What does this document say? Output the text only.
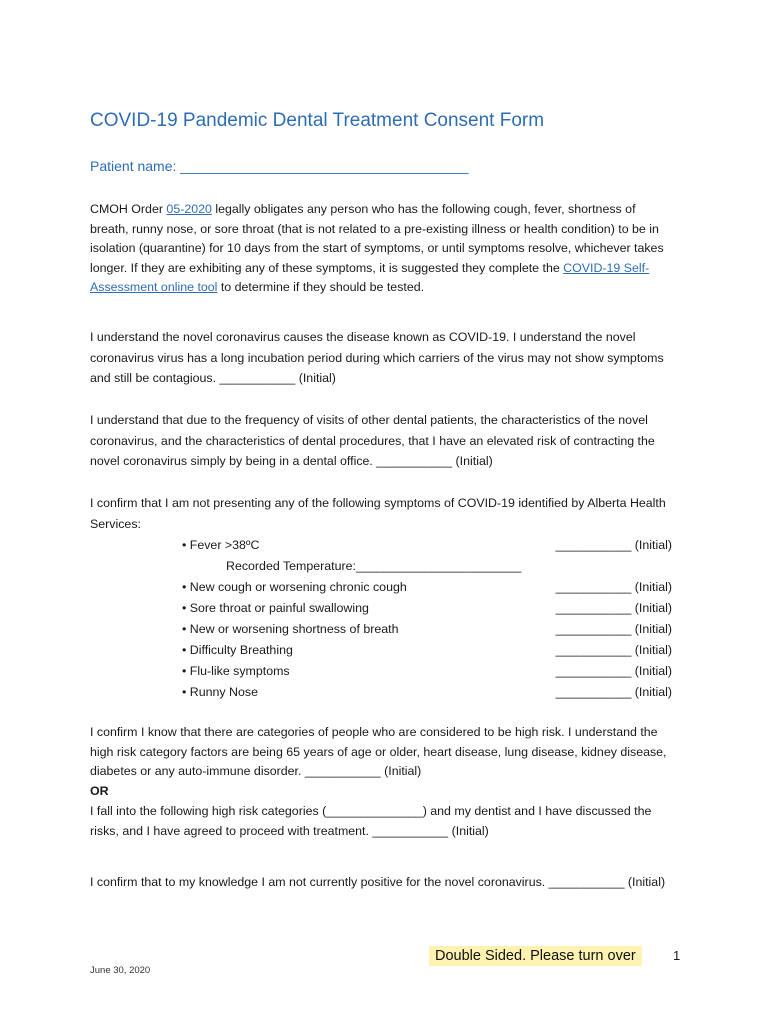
COVID-19 Pandemic Dental Treatment Consent Form
Patient name: _____________________________________
CMOH Order 05-2020 legally obligates any person who has the following cough, fever, shortness of breath, runny nose, or sore throat (that is not related to a pre-existing illness or health condition) to be in isolation (quarantine) for 10 days from the start of symptoms, or until symptoms resolve, whichever takes longer. If they are exhibiting any of these symptoms, it is suggested they complete the COVID-19 Self-Assessment online tool to determine if they should be tested.
I understand the novel coronavirus causes the disease known as COVID-19. I understand the novel coronavirus virus has a long incubation period during which carriers of the virus may not show symptoms and still be contagious. ___________ (Initial)
I understand that due to the frequency of visits of other dental patients, the characteristics of the novel coronavirus, and the characteristics of dental procedures, that I have an elevated risk of contracting the novel coronavirus simply by being in a dental office. ___________ (Initial)
I confirm that I am not presenting any of the following symptoms of COVID-19 identified by Alberta Health Services:
• Fever >38ºC	___________ (Initial)
Recorded Temperature:________________________
• New cough or worsening chronic cough	___________ (Initial)
• Sore throat or painful swallowing	___________ (Initial)
• New or worsening shortness of breath	___________ (Initial)
• Difficulty Breathing	___________ (Initial)
• Flu-like symptoms	___________ (Initial)
• Runny Nose	___________ (Initial)
I confirm I know that there are categories of people who are considered to be high risk. I understand the high risk category factors are being 65 years of age or older, heart disease, lung disease, kidney disease, diabetes or any auto-immune disorder. ___________ (Initial)
OR
I fall into the following high risk categories (______________) and my dentist and I have discussed the risks, and I have agreed to proceed with treatment. ___________ (Initial)
I confirm that to my knowledge I am not currently positive for the novel coronavirus. ___________ (Initial)
Double Sided. Please turn over	1
June 30, 2020
